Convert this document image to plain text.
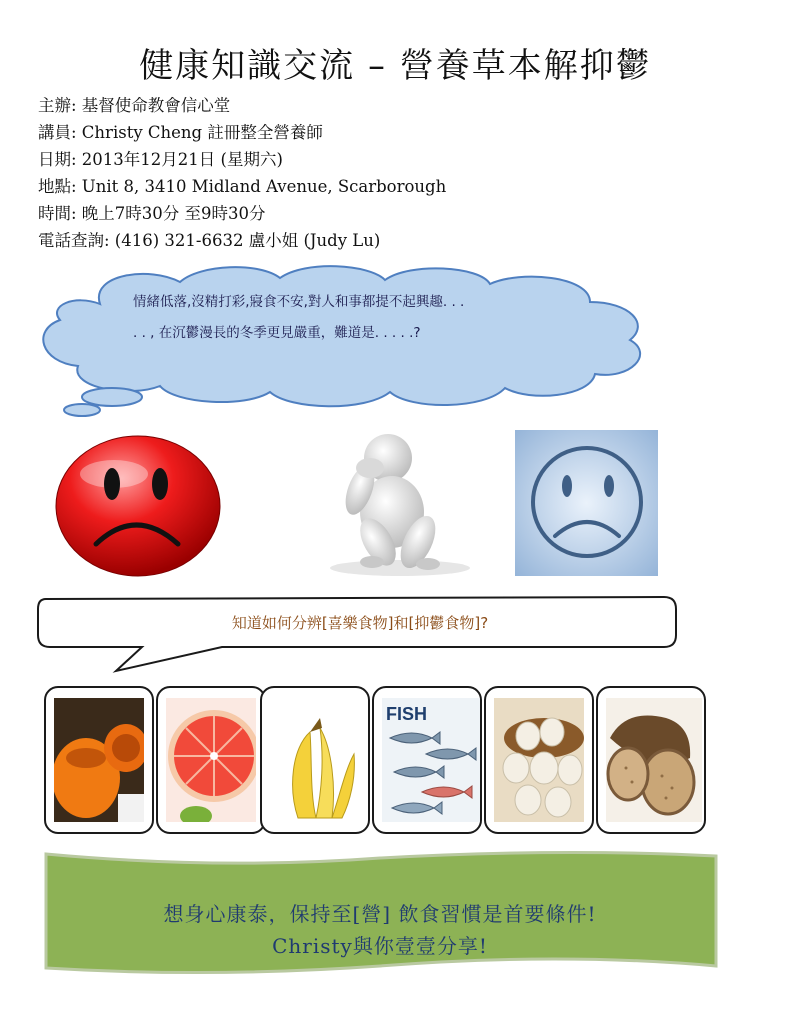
健康知識交流 – 營養草本解抑鬱
主辦: 基督使命教會信心堂
講員: Christy Cheng 註冊整全營養師
日期: 2013年12月21日 (星期六)
地點: Unit 8, 3410 Midland Avenue, Scarborough
時間: 晚上7時30分 至9時30分
電話查詢: (416) 321-6632 盧小姐 (Judy Lu)
情緒低落,沒精打彩,寢食不安,對人和事都提不起興趣. . .
. . , 在沉鬱漫長的冬季更見嚴重，難道是. . . . .?
知道如何分辨[喜樂食物]和[抑鬱食物]?
FISH
想身心康泰，保持至[營] 飲食習慣是首要條件!
Christy與你壹壹分享!
